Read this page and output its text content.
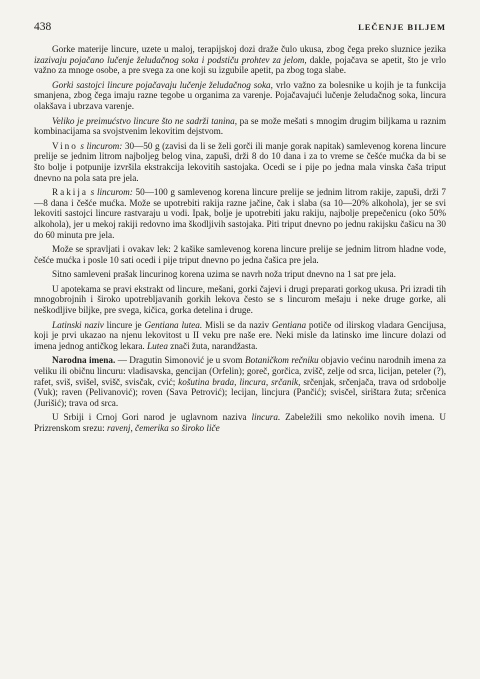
438	LEČENJE BILJEM

Gorke materije lincure, uzete u maloj, terapijskoj dozi draže čulo ukusa, zbog čega preko sluznice jezika izazivaju pojačano lučenje želudačnog soka i podstiču prohtev za jelom, dakle, pojačava se apetit, što je vrlo važno za mnoge osobe, a pre svega za one koji su izgubile apetit, pa zbog toga slabe.

Gorki sastojci lincure pojačavaju lučenje želudačnog soka, vrlo važno za bolesnike u kojih je ta funkcija smanjena, zbog čega imaju razne tegobe u organima za varenje. Pojačavajući lučenje želudačnog soka, lincura olakšava i ubrzava varenje.

Veliko je preimućstvo lincure što ne sadrži tanina, pa se može mešati s mnogim drugim biljkama u raznim kombinacijama sa svojstvenim lekovitim dejstvom.

Vino s lincurom: 30—50 g (zavisi da li se želi gorči ili manje gorak napitak) samlevenog korena lincure prelije se jednim litrom najboljeg belog vina, zapuši, drži 8 do 10 dana i za to vreme se češće mućka da bi se što bolje i potpunije izvršila ekstrakcija lekovitih sastojaka. Ocedi se i pije po jedna mala vinska čaša triput dnevno na pola sata pre jela.

Rakija s lincurom: 50—100 g samlevenog korena lincure prelije se jednim litrom rakije, zapuši, drži 7—8 dana i češće mućka. Može se upotrebiti rakija razne jačine, čak i slaba (sa 10—20% alkohola), jer se svi lekoviti sastojci lincure rastvaraju u vodi. Ipak, bolje je upotrebiti jaku rakiju, najbolje prepečenicu (oko 50% alkohola), jer u mekoj rakiji redovno ima škodljivih sastojaka. Piti triput dnevno po jednu rakijsku čašicu na 30 do 60 minuta pre jela.

Može se spravljati i ovakav lek: 2 kašike samlevenog korena lincure prelije se jednim litrom hladne vode, češće mućka i posle 10 sati ocedi i pije triput dnevno po jedna čašica pre jela.

Sitno samleveni prašak lincurinog korena uzima se navrh noža triput dnevno na 1 sat pre jela.

U apotekama se pravi ekstrakt od lincure, mešani, gorki čajevi i drugi preparati gorkog ukusa. Pri izradi tih mnogobrojnih i široko upotrebljavanih gorkih lekova često se s lincurom mešaju i neke druge gorke, ali neškodljive biljke, pre svega, kičica, gorka detelina i druge.

Latinski naziv lincure je Gentiana lutea. Misli se da naziv Gentiana potiče od ilirskog vladara Gencijusa, koji je prvi ukazao na njenu lekovitost u II veku pre naše ere. Neki misle da latinsko ime lincure dolazi od imena jednog antičkog lekara. Lutea znači žuta, narandžasta.

Narodna imena. — Dragutin Simonović je u svom Botaničkom rečniku objavio većinu narodnih imena za veliku ili običnu lincuru: vladisavska, gencijan (Orfelin); goreč, gorčica, zvišč, zelje od srca, licijan, peteler (?), rafet, sviš, svišel, svišč, svisčak, cvić; košutina brada, lincura, srčanik, srčenjak, srčenjača, trava od srdobolje (Vuk); raven (Pelivanović); roven (Sava Petrović); lecijan, lincjura (Pančić); svisčel, sirištara žuta; srčenica (Jurišić); trava od srca.

U Srbiji i Crnoj Gori narod je uglavnom naziva lincura. Zabeležili smo nekoliko novih imena. U Prizrenskom srezu: ravenj, čemerika so široko liče
